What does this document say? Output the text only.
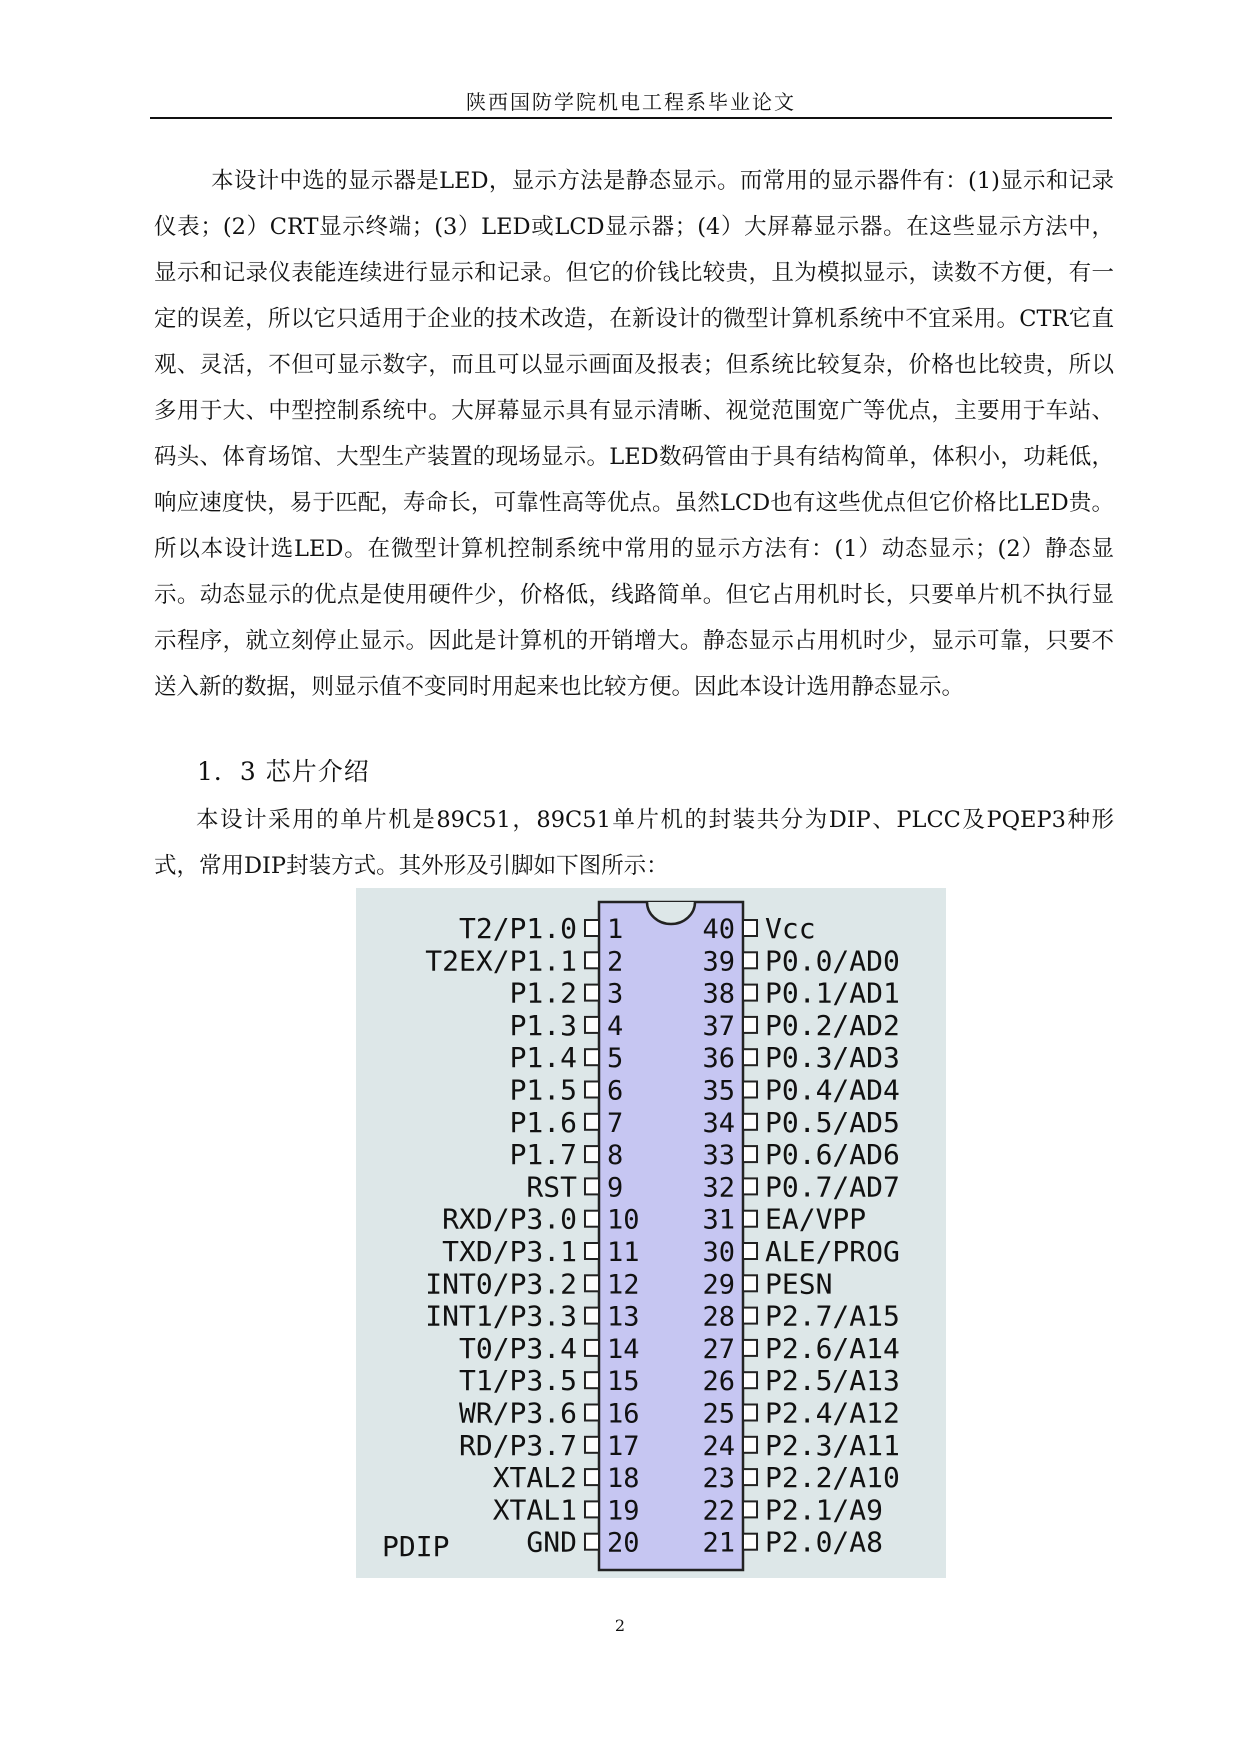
陕西国防学院机电工程系毕业论文

本设计中选的显示器是LED，显示方法是静态显示。而常用的显示器件有：(1)显示和记录仪表；(2）CRT显示终端；(3）LED或LCD显示器；(4）大屏幕显示器。在这些显示方法中，显示和记录仪表能连续进行显示和记录。但它的价钱比较贵，且为模拟显示，读数不方便，有一定的误差，所以它只适用于企业的技术改造，在新设计的微型计算机系统中不宜采用。CTR它直观、灵活，不但可显示数字，而且可以显示画面及报表；但系统比较复杂，价格也比较贵，所以多用于大、中型控制系统中。大屏幕显示具有显示清晰、视觉范围宽广等优点，主要用于车站、码头、体育场馆、大型生产装置的现场显示。LED数码管由于具有结构简单，体积小，功耗低，响应速度快，易于匹配，寿命长，可靠性高等优点。虽然LCD也有这些优点但它价格比LED贵。所以本设计选LED。在微型计算机控制系统中常用的显示方法有：(1）动态显示；(2）静态显示。动态显示的优点是使用硬件少，价格低，线路简单。但它占用机时长，只要单片机不执行显示程序，就立刻停止显示。因此是计算机的开销增大。静态显示占用机时少，显示可靠，只要不送入新的数据，则显示值不变同时用起来也比较方便。因此本设计选用静态显示。

1．3 芯片介绍

本设计采用的单片机是89C51，89C51单片机的封装共分为DIP、PLCC及PQEP3种形式，常用DIP封装方式。其外形及引脚如下图所示：

1
T2/P1.0
2
T2EX/P1.1
3
P1.2
4
P1.3
5
P1.4
6
P1.5
7
P1.6
8
P1.7
9
RST
10
RXD/P3.0
11
TXD/P3.1
12
INT0/P3.2
13
INT1/P3.3
14
T0/P3.4
15
T1/P3.5
16
WR/P3.6
17
RD/P3.7
18
XTAL2
19
XTAL1
20
GND
40 Vcc
39 P0.0/AD0
38 P0.1/AD1
37 P0.2/AD2
36 P0.3/AD3
35 P0.4/AD4
34 P0.5/AD5
33 P0.6/AD6
32 P0.7/AD7
31 EA/VPP
30 ALE/PROG
29 PESN
28 P2.7/A15
27 P2.6/A14
26 P2.5/A13
25 P2.4/A12
24 P2.3/A11
23 P2.2/A10
22 P2.1/A9
21 P2.0/A8
PDIP
2
